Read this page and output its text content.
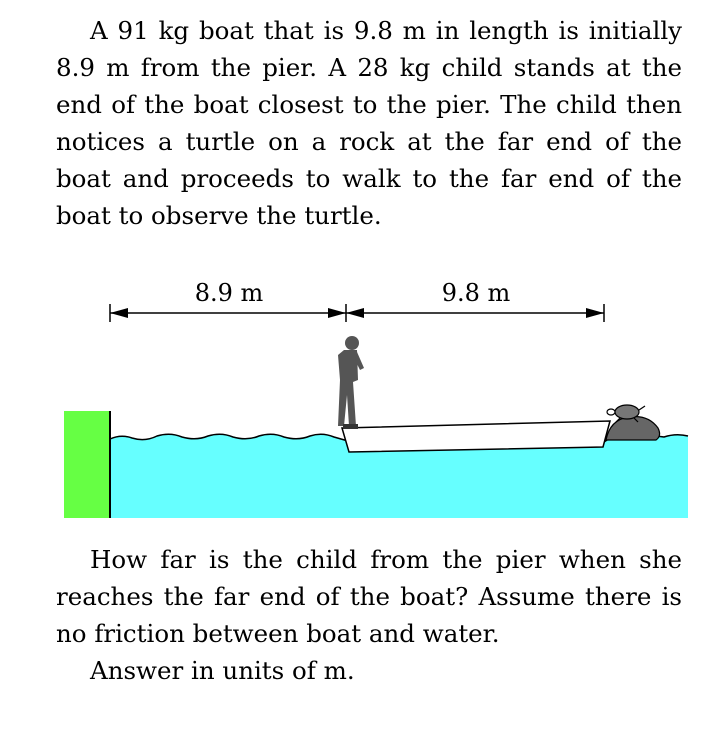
A 91 kg boat that is 9.8 m in length is initially 8.9 m from the pier. A 28 kg child stands at the end of the boat closest to the pier. The child then notices a turtle on a rock at the far end of the boat and proceeds to walk to the far end of the boat to observe the turtle.

8.9 m	9.8 m

How far is the child from the pier when she reaches the far end of the boat? Assume there is no friction between boat and water.

Answer in units of m.
